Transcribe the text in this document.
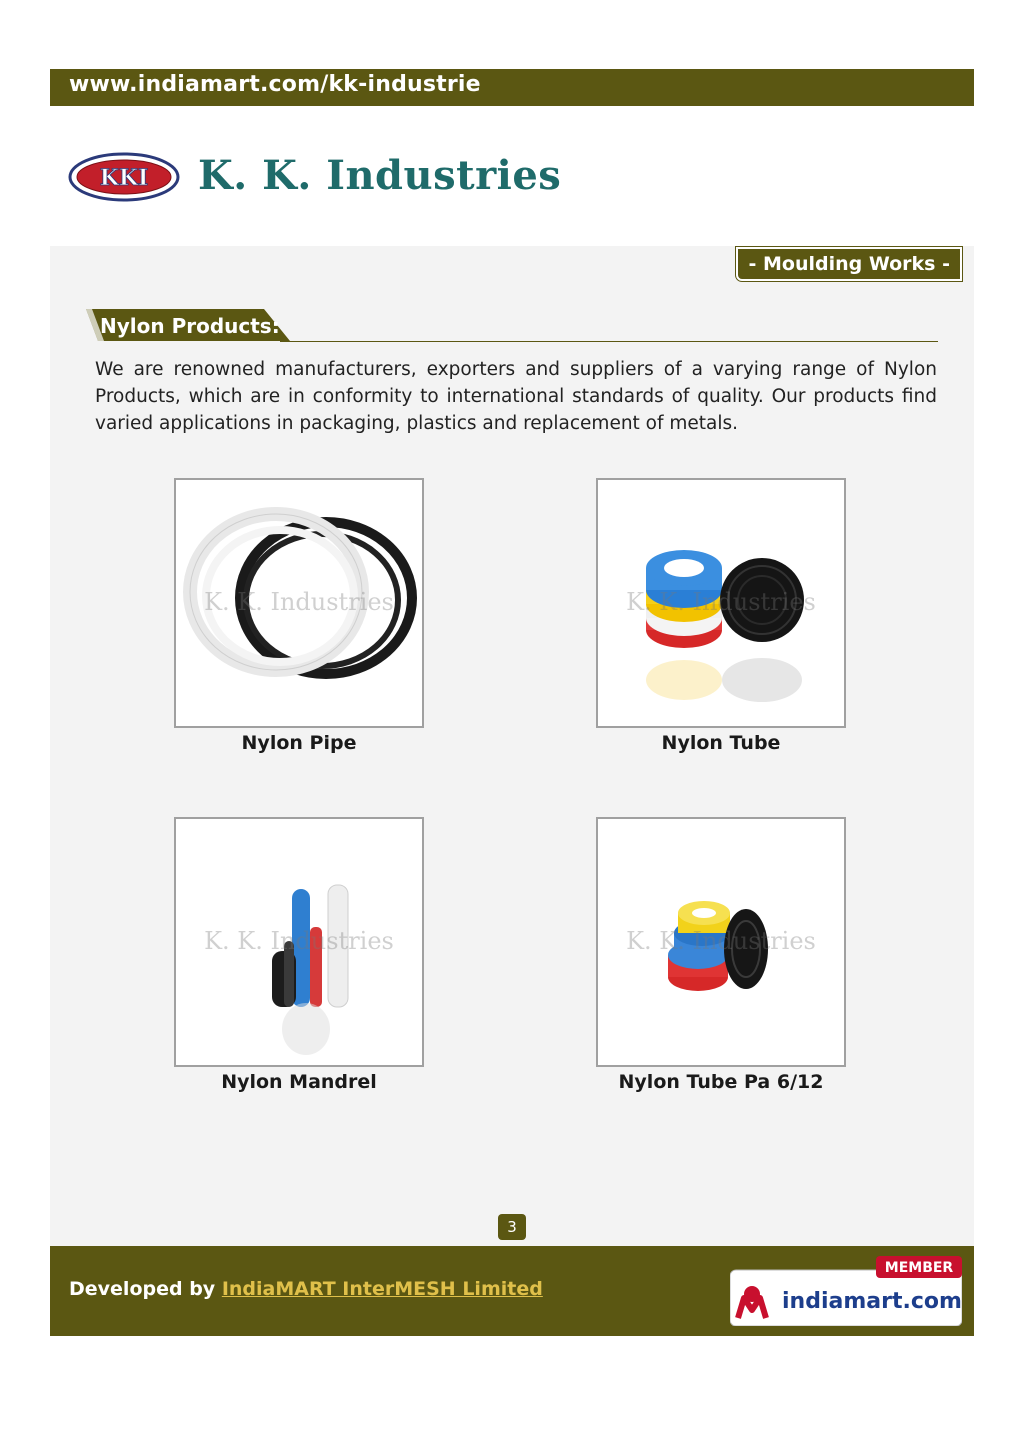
www.indiamart.com/kk-industrie
KKI K. K. Industries
- Moulding Works -
Nylon Products:
We are renowned manufacturers, exporters and suppliers of a varying range of Nylon Products, which are in conformity to international standards of quality. Our products find varied applications in packaging, plastics and replacement of metals.
K. K. Industries
Nylon Pipe
K. K. Industries
Nylon Tube
K. K. Industries
Nylon Mandrel
K. K. Industries
Nylon Tube Pa 6/12
3
Developed by IndiaMART InterMESH Limited
MEMBER
indiamart.com
